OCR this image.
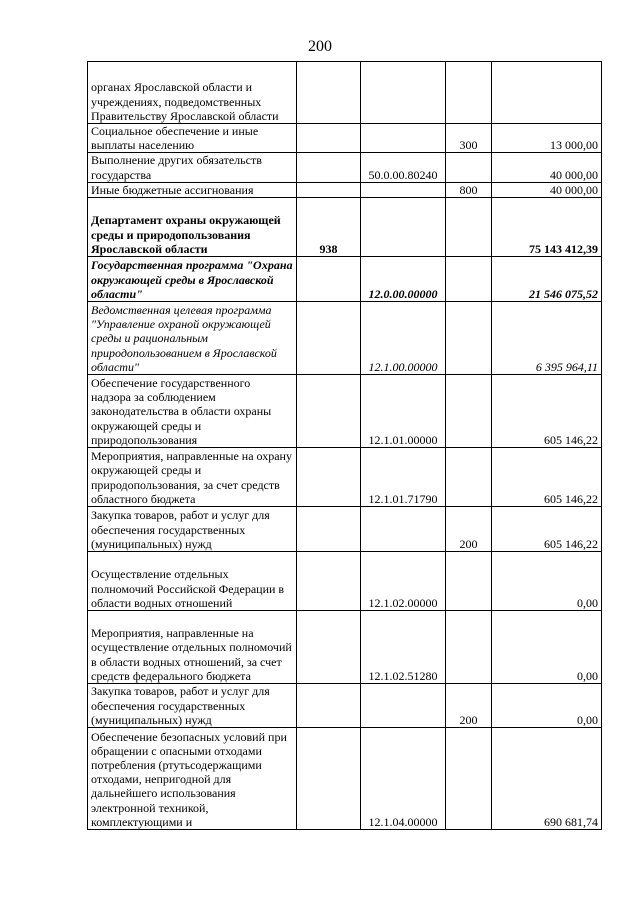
200
органах Ярославской области и учреждениях, подведомственных Правительству Ярославской области				
Социальное обеспечение и иные выплаты населению			300	13 000,00
Выполнение других обязательств государства		50.0.00.80240		40 000,00
Иные бюджетные ассигнования			800	40 000,00
Департамент охраны окружающей среды и природопользования Ярославской области	938			75 143 412,39
Государственная программа "Охрана окружающей среды в Ярославской области"		12.0.00.00000		21 546 075,52
Ведомственная целевая программа "Управление охраной окружающей среды и рациональным природопользованием в Ярославской области"		12.1.00.00000		6 395 964,11
Обеспечение государственного надзора за соблюдением законодательства в области охраны окружающей среды и природопользования		12.1.01.00000		605 146,22
Мероприятия, направленные на охрану окружающей среды и природопользования, за счет средств областного бюджета		12.1.01.71790		605 146,22
Закупка товаров, работ и услуг для обеспечения государственных (муниципальных) нужд			200	605 146,22
Осуществление отдельных полномочий Российской Федерации в области водных отношений		12.1.02.00000		0,00
Мероприятия, направленные на осуществление отдельных полномочий в области водных отношений, за счет средств федерального бюджета		12.1.02.51280		0,00
Закупка товаров, работ и услуг для обеспечения государственных (муниципальных) нужд			200	0,00
Обеспечение безопасных условий при обращении с опасными отходами потребления (ртутьсодержащими отходами, непригодной для дальнейшего использования электронной техникой, комплектующими и		12.1.04.00000		690 681,74
